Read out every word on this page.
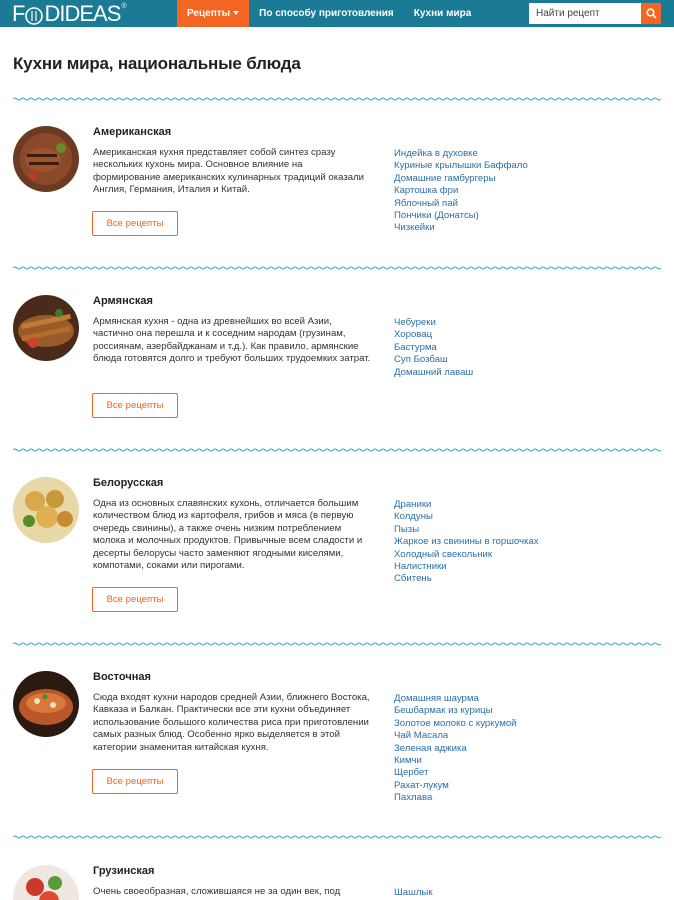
F DIDEAS ®
Рецепты	По способу приготовления	Кухни мира
Найти рецепт
Кухни мира, национальные блюда
Американская
Американская кухня представляет собой синтез сразу нескольких кухонь мира. Основное влияние на формирование американских кулинарных традиций оказали Англия, Германия, Италия и Китай.
Все рецепты
Индейка в духовке
Куриные крылышки Баффало
Домашние гамбургеры
Картошка фри
Яблочный пай
Пончики (Донатсы)
Чизкейки
Армянская
Армянская кухня - одна из древнейших во всей Азии, частично она перешла и к соседним народам (грузинам, россиянам, азербайджанам и т.д.). Как правило, армянские блюда готовятся долго и требуют больших трудоемких затрат.
Все рецепты
Чебуреки
Хоровац
Бастурма
Суп Бозбаш
Домашний лаваш
Белорусская
Одна из основных славянских кухонь, отличается большим количеством блюд из картофеля, грибов и мяса (в первую очередь свинины), а также очень низким потреблением молока и молочных продуктов. Привычные всем сладости и десерты белорусы часто заменяют ягодными киселями, компотами, соками или пирогами.
Все рецепты
Драники
Колдуны
Пызы
Жаркое из свинины в горшочках
Холодный свекольник
Налистники
Сбитень
Восточная
Сюда входят кухни народов средней Азии, ближнего Востока, Кавказа и Балкан. Практически все эти кухни объединяет использование большого количества риса при приготовлении самых разных блюд. Особенно ярко выделяется в этой категории знаменитая китайская кухня.
Все рецепты
Домашняя шаурма
Бешбармак из курицы
Золотое молоко с куркумой
Чай Масала
Зеленая аджика
Кимчи
Щербет
Рахат-лукум
Пахлава
Грузинская
Очень своеобразная, сложившаяся не за один век, под	Шашлык
